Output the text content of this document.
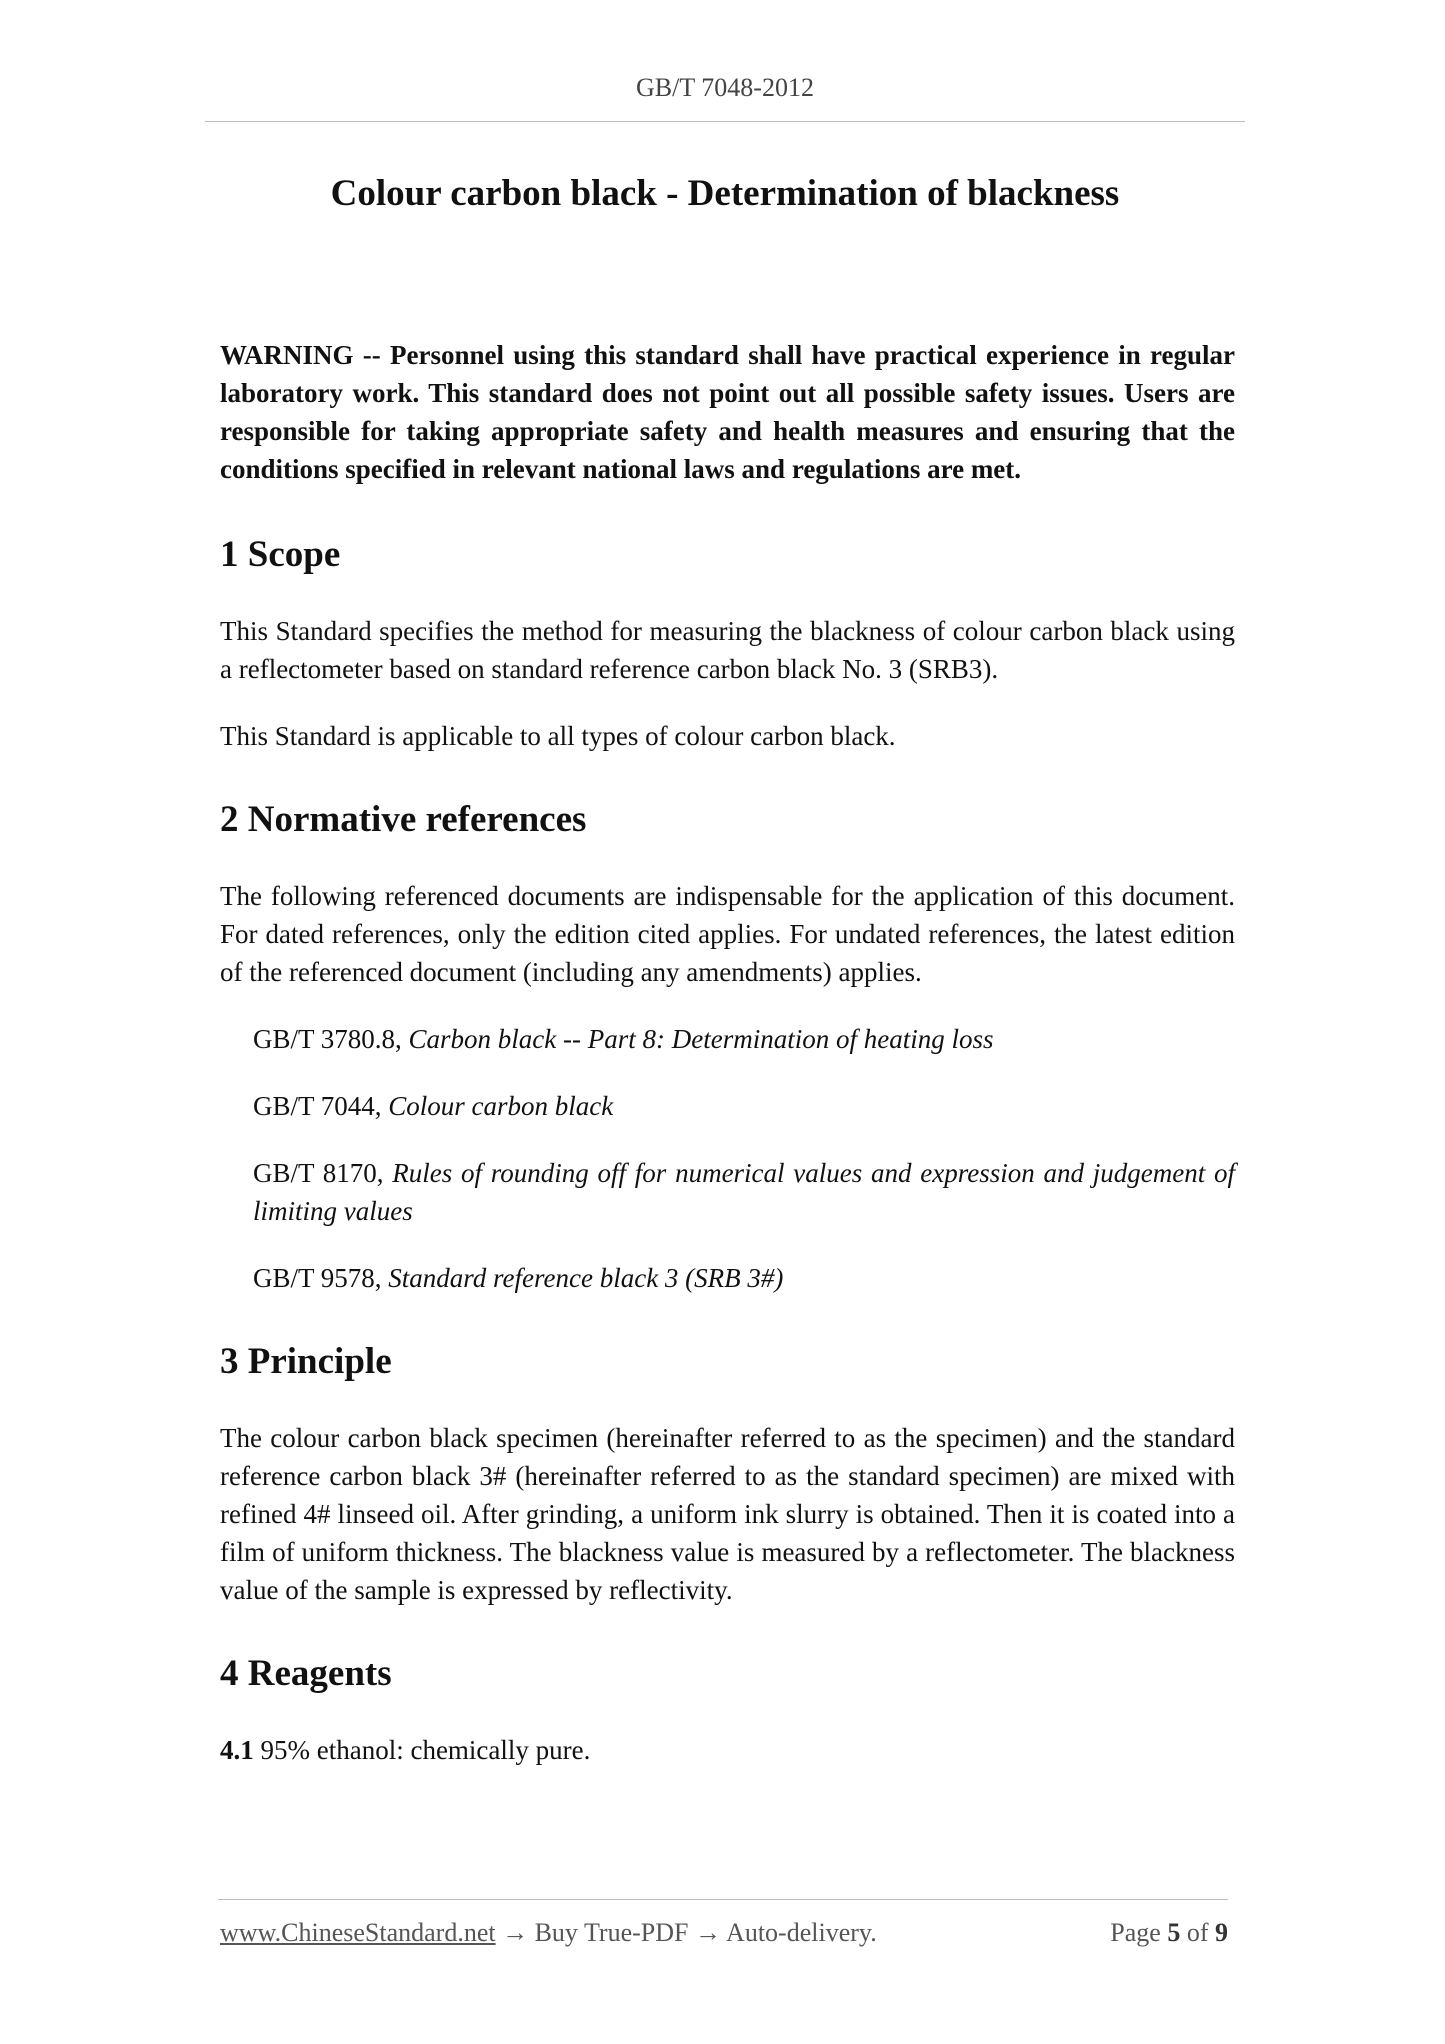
GB/T 7048-2012
Colour carbon black - Determination of blackness

WARNING -- Personnel using this standard shall have practical experience in regular laboratory work. This standard does not point out all possible safety issues. Users are responsible for taking appropriate safety and health measures and ensuring that the conditions specified in relevant national laws and regulations are met.

1 Scope

This Standard specifies the method for measuring the blackness of colour carbon black using a reflectometer based on standard reference carbon black No. 3 (SRB3).

This Standard is applicable to all types of colour carbon black.

2 Normative references

The following referenced documents are indispensable for the application of this document. For dated references, only the edition cited applies. For undated references, the latest edition of the referenced document (including any amendments) applies.

GB/T 3780.8, Carbon black -- Part 8: Determination of heating loss

GB/T 7044, Colour carbon black

GB/T 8170, Rules of rounding off for numerical values and expression and judgement of limiting values

GB/T 9578, Standard reference black 3 (SRB 3#)

3 Principle

The colour carbon black specimen (hereinafter referred to as the specimen) and the standard reference carbon black 3# (hereinafter referred to as the standard specimen) are mixed with refined 4# linseed oil. After grinding, a uniform ink slurry is obtained. Then it is coated into a film of uniform thickness. The blackness value is measured by a reflectometer. The blackness value of the sample is expressed by reflectivity.

4 Reagents

4.1 95% ethanol: chemically pure.

www.ChineseStandard.net → Buy True-PDF → Auto-delivery.	Page 5 of 9
